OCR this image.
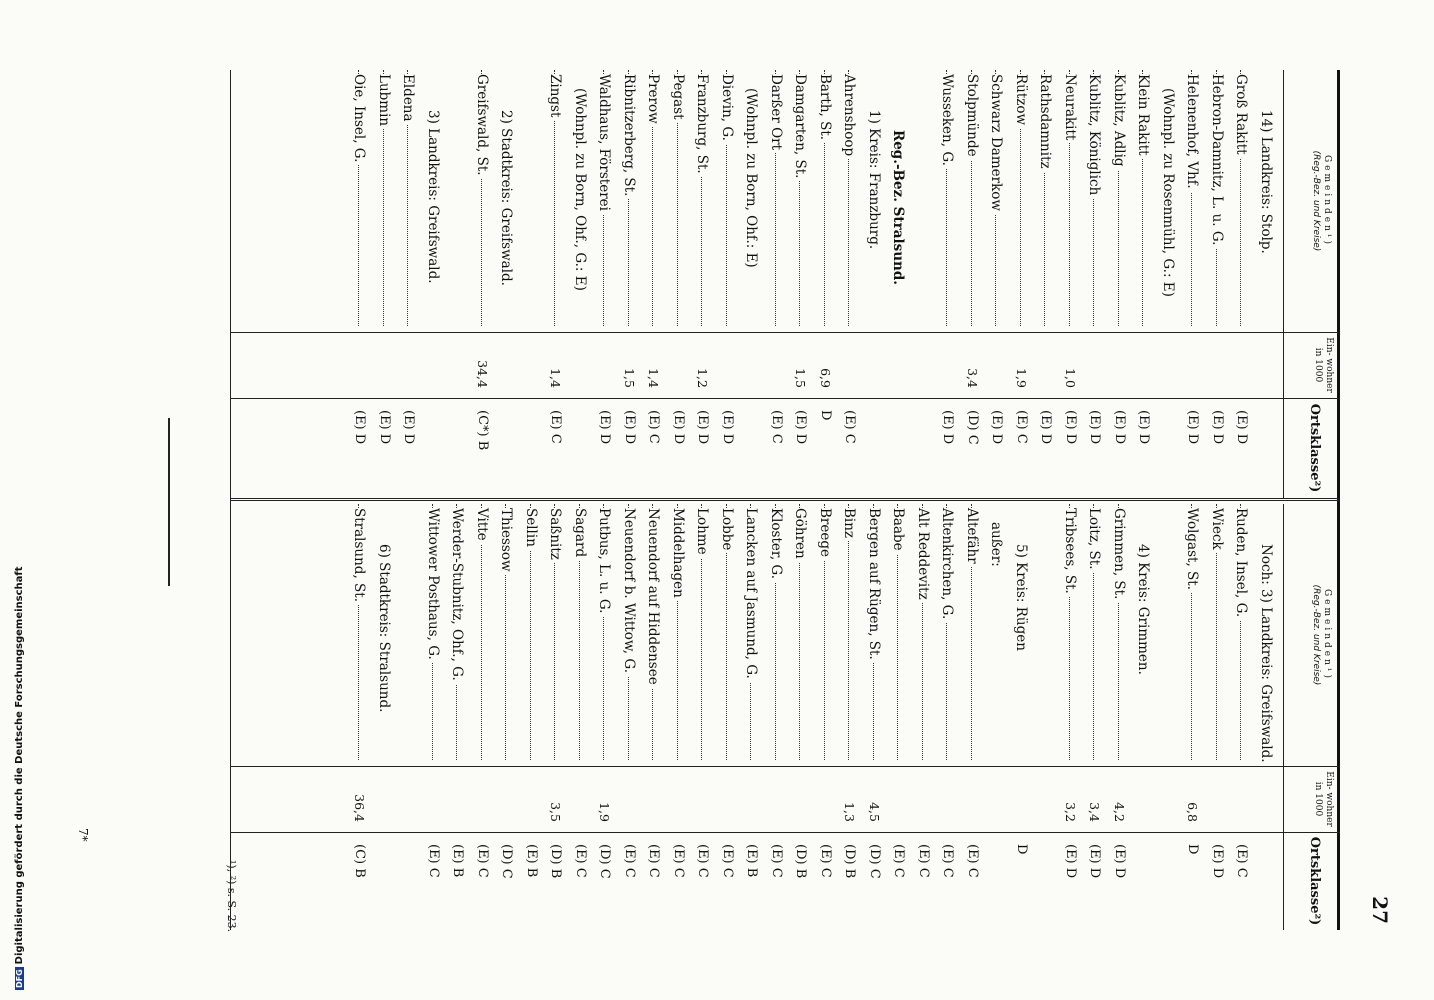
DFGDigitalisierung gefördert durch die Deutsche Forschungsgemeinschaft	7*
¹), ²) s. S. 23.	27
Gemeinden¹)
(Reg.-Bez. und Kreise)
14) Landkreis: Stolp.
Groß Rakitt
Hebron-Damnitz, L. u. G.
Helenenhof, Vhf.
(Wohnpl. zu Rosenmühl, G.: E)
Klein Rakitt
Kublitz, Adlig
Kublitz, Königlich
Neurakitt
Rathsdamnitz
Rützow
Schwarz Damerkow
Stolpmünde
Wusseken, G.
Reg.-Bez. Stralsund.
1) Kreis: Franzburg.
Ahrenshoop
Barth, St.
Damgarten, St.
Darßer Ort
(Wohnpl. zu Born, Ohf.: E)
Dievin, G.
Franzburg, St.
Pegast
Prerow
Ribnitzerberg, St.
Waldhaus, Försterei
(Wohnpl. zu Born, Ohf., G.: E)
Zingst
2) Stadtkreis: Greifswald.
Greifswald, St.
3) Landkreis: Greifswald.
Eldena
Lubmin
Oie, Insel, G.
Ein- wohner in 1000
1,0
1,9
3,4
6,9
1,5
1,2
1,4
1,5
1,4
34,4
Ortsklasse²)
(E) D
(E) D
(E) D
(E) D
(E) D
(E) D
(E) D
(E) D
(E) C
(E) D
(D) C
(E) D
(E) C
D
(E) D
(E) C
(E) D
(E) D
(E) D
(E) C
(E) D
(E) D
(E) C
(C*) B
(E) D
(E) D
(E) D
Gemeinden¹)
(Reg.-Bez. und Kreise)
Noch: 3) Landkreis: Greifswald.
Ruden, Insel, G.
Wieck
Wolgast, St.
4) Kreis: Grimmen.
Grimmen, St.
Loitz, St.
Tribsees, St.
5) Kreis: Rügen
außer:
Altefähr
Altenkirchen, G.
Alt Reddevitz
Baabe
Bergen auf Rügen, St.
Binz
Breege
Göhren
Kloster, G.
Lancken auf Jasmund, G.
Lobbe
Lohme
Middelhagen
Neuendorf auf Hiddensee
Neuendorf b. Wittow, G.
Putbus, L. u. G.
Sagard
Saßnitz
Sellin
Thiessow
Vitte
Werder-Stubnitz, Ohf., G.
Wittower Posthaus, G.
6) Stadtkreis: Stralsund.
Stralsund, St.
Ein- wohner in 1000
6,8
4,2
3,4
3,2
4,5
1,3
1,9
3,5
36,4
Ortsklasse²)
(E) C
(E) D
D
(E) D
(E) D
(E) D
D
(E) C
(E) C
(E) C
(E) C
(D) C
(D) B
(E) C
(D) B
(E) C
(E) B
(E) C
(E) C
(E) C
(E) C
(E) C
(D) C
(E) C
(D) B
(E) B
(D) C
(E) C
(E) B
(E) C
(C) B
